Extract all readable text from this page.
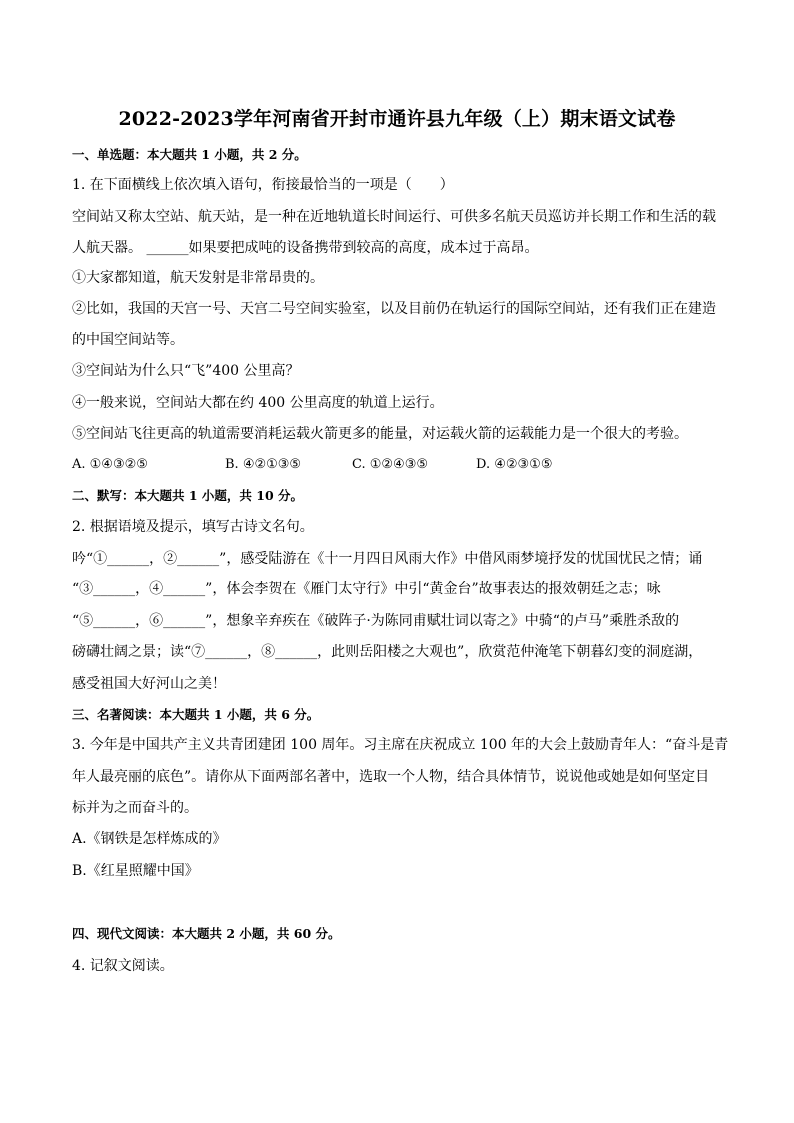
2022-2023学年河南省开封市通许县九年级（上）期末语文试卷
一、单选题：本大题共 1 小题，共 2 分。
1. 在下面横线上依次填入语句，衔接最恰当的一项是（　　）
空间站又称太空站、航天站，是一种在近地轨道长时间运行、可供多名航天员巡访并长期工作和生活的载
人航天器。 ______如果要把成吨的设备携带到较高的高度，成本过于高昂。
①大家都知道，航天发射是非常昂贵的。
②比如，我国的天宫一号、天宫二号空间实验室，以及目前仍在轨运行的国际空间站，还有我们正在建造
的中国空间站等。
③空间站为什么只“飞”400 公里高？
④一般来说，空间站大都在约 400 公里高度的轨道上运行。
⑤空间站飞往更高的轨道需要消耗运载火箭更多的能量，对运载火箭的运载能力是一个很大的考验。
A. ①④③②⑤	B. ④②①③⑤	C. ①②④③⑤	D. ④②③①⑤
二、默写：本大题共 1 小题，共 10 分。
2. 根据语境及提示，填写古诗文名句。
吟“①______，②______”，感受陆游在《十一月四日风雨大作》中借风雨梦境抒发的忧国忧民之情；诵
“③______，④______”，体会李贺在《雁门太守行》中引“黄金台”故事表达的报效朝廷之志；咏
“⑤______，⑥______”，想象辛弃疾在《破阵子·为陈同甫赋壮词以寄之》中骑“的卢马”乘胜杀敌的
磅礴壮阔之景；读“⑦______，⑧______，此则岳阳楼之大观也”，欣赏范仲淹笔下朝暮幻变的洞庭湖，
感受祖国大好河山之美！
三、名著阅读：本大题共 1 小题，共 6 分。
3. 今年是中国共产主义共青团建团 100 周年。习主席在庆祝成立 100 年的大会上鼓励青年人：“奋斗是青
年人最亮丽的底色”。请你从下面两部名著中，选取一个人物，结合具体情节，说说他或她是如何坚定目
标并为之而奋斗的。
A.《钢铁是怎样炼成的》
B.《红星照耀中国》
四、现代文阅读：本大题共 2 小题，共 60 分。
4. 记叙文阅读。
